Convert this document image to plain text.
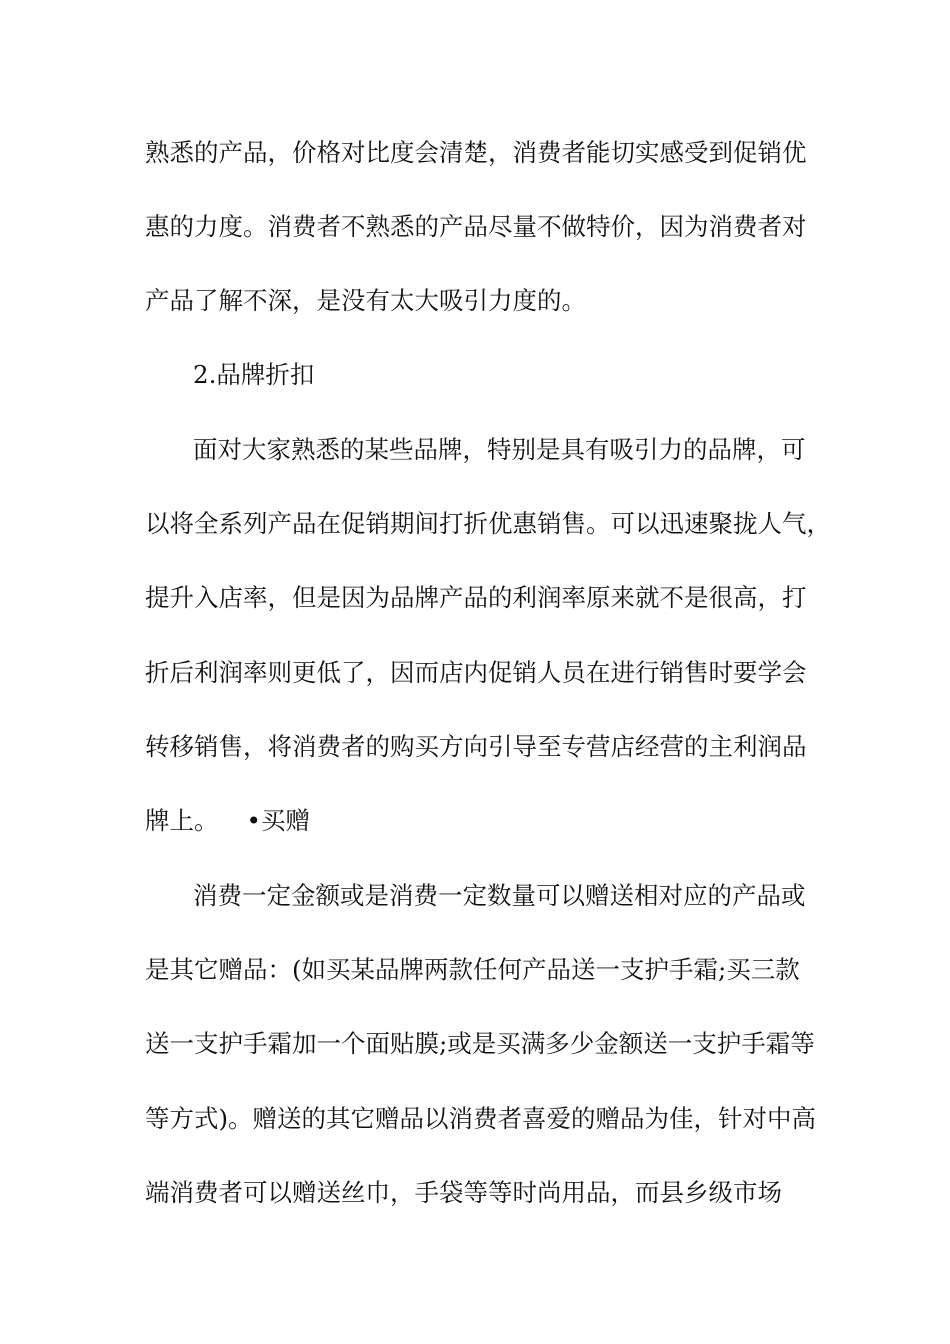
熟悉的产品，价格对比度会清楚，消费者能切实感受到促销优
惠的力度。消费者不熟悉的产品尽量不做特价，因为消费者对
产品了解不深，是没有太大吸引力度的。
2.品牌折扣
面对大家熟悉的某些品牌，特别是具有吸引力的品牌，可
以将全系列产品在促销期间打折优惠销售。可以迅速聚拢人气，
提升入店率，但是因为品牌产品的利润率原来就不是很高，打
折后利润率则更低了，因而店内促销人员在进行销售时要学会
转移销售，将消费者的购买方向引导至专营店经营的主利润品
牌上。 •买赠
消费一定金额或是消费一定数量可以赠送相对应的产品或
是其它赠品：(如买某品牌两款任何产品送一支护手霜;买三款
送一支护手霜加一个面贴膜;或是买满多少金额送一支护手霜等
等方式)。赠送的其它赠品以消费者喜爱的赠品为佳，针对中高
端消费者可以赠送丝巾，手袋等等时尚用品，而县乡级市场
